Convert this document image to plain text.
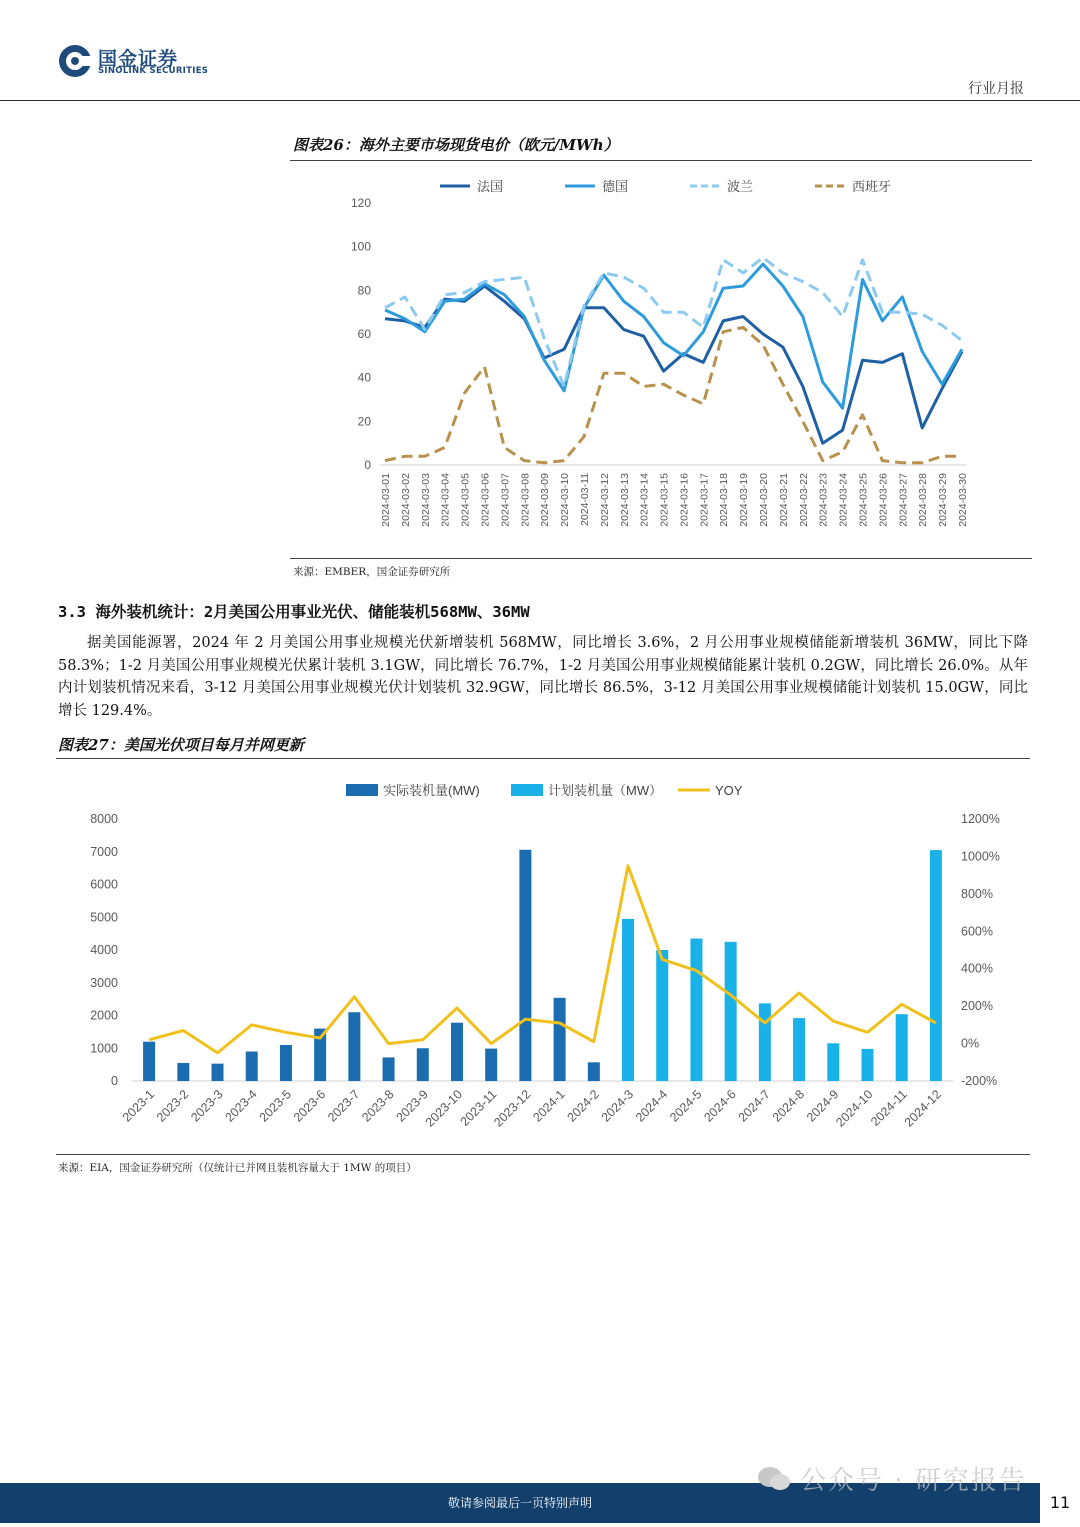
国金证券
SINOLINK SECURITIES
行业月报
图表26：海外主要市场现货电价（欧元/MWh）
0
20
40
60
80
100
120
2024-03-01 2024-03-02 2024-03-03 2024-03-04 2024-03-05 2024-03-06 2024-03-07 2024-03-08 2024-03-09 2024-03-10 2024-03-11 2024-03-12 2024-03-13 2024-03-14 2024-03-15 2024-03-16 2024-03-17 2024-03-18 2024-03-19 2024-03-20 2024-03-21 2024-03-22 2024-03-23 2024-03-24 2024-03-25 2024-03-26 2024-03-27 2024-03-28 2024-03-29 2024-03-30
法国	德国	波兰	西班牙
来源：EMBER，国金证券研究所
3.3 海外装机统计：2月美国公用事业光伏、储能装机568MW、36MW
据美国能源署，2024 年 2 月美国公用事业规模光伏新增装机 568MW，同比增长 3.6%，2 月公用事业规模储能新增装机 36MW，同比下降 58.3%；1-2 月美国公用事业规模光伏累计装机 3.1GW，同比增长 76.7%，1-2 月美国公用事业规模储能累计装机 0.2GW，同比增长 26.0%。从年内计划装机情况来看，3-12 月美国公用事业规模光伏计划装机 32.9GW，同比增长 86.5%，3-12 月美国公用事业规模储能计划装机 15.0GW，同比增长 129.4%。
图表27：美国光伏项目每月并网更新
0
1000
2000
3000
4000
5000
6000
7000
8000
-200%
0%
200%
400%
600%
800%
1000%
1200%
2023-1
2023-2
2023-3
2023-4
2023-5
2023-6
2023-7
2023-8
2023-9
2023-10
2023-11
2023-12
2024-1
2024-2
2024-3
2024-4
2024-5
2024-6
2024-7
2024-8
2024-9
2024-10
2024-11
2024-12
实际装机量(MW)	计划装机量（MW）	YOY
来源：EIA，国金证券研究所（仅统计已并网且装机容量大于 1MW 的项目）
敬请参阅最后一页特别声明	11
公众号 · 研究报告
